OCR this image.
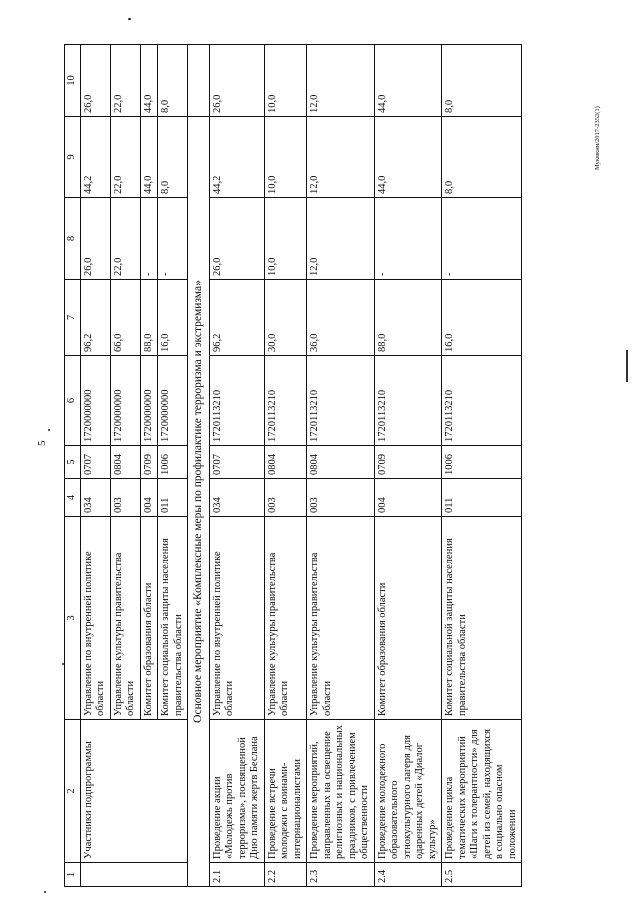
5
Мукмкин/2017-2352(1)
1	2	3	4	5	6	7	8	9	10
	Участники подпрограммы	Управление по внутренней политике области	034	0707	1720000000	96,2	26,0	44,2	26,0
		Управление культуры правительства области	003	0804	1720000000	66,0	22,0	22,0	22,0
		Комитет образования области	004	0709	1720000000	88,0	-	44,0	44,0
		Комитет социальной защиты населения правительства области	011	1006	1720000000	16,0	-	8,0	8,0
Основное мероприятие «Комплексные меры по профилактике терроризма и экстремизма»									
2.1	Проведение акции «Молодежь против терроризма», посвященной Дню памяти жертв Беслана	Управление по внутренней политике области	034	0707	1720113210	96,2	26,0	44,2	26,0
2.2	Проведение встречи молодежи с воинами-интернационалистами	Управление культуры правительства области	003	0804	1720113210	30,0	10,0	10,0	10,0
2.3	Проведение мероприятий, направленных на освещение религиозных и национальных праздников, с привлечением общественности	Управление культуры правительства области	003	0804	1720113210	36,0	12,0	12,0	12,0
2.4	Проведение молодежного образовательного этнокультурного лагеря для одаренных детей «Диалог культур»	Комитет образования области	004	0709	1720113210	88,0	-	44,0	44,0
2.5	Проведение цикла тематических мероприятий «Шаги к толерантности» для детей из семей, находящихся в социально опасном положении	Комитет социальной защиты населения правительства области	011	1006	1720113210	16,0	-	8,0	8,0
